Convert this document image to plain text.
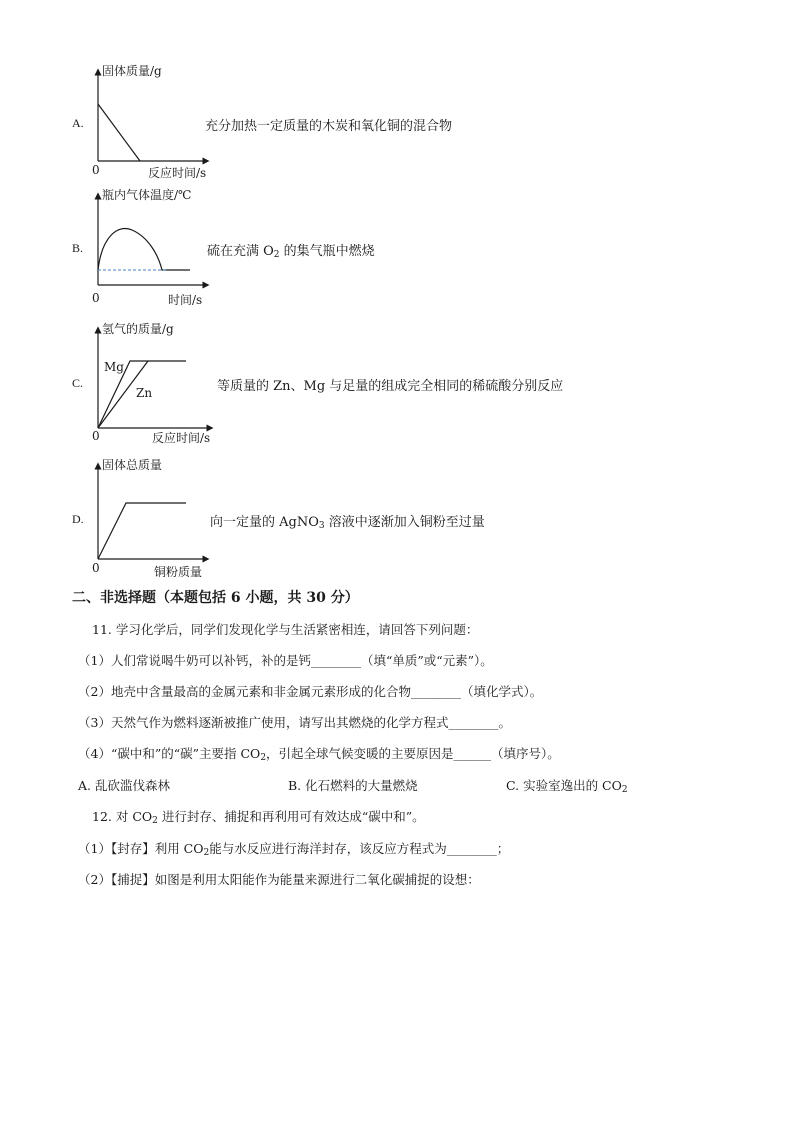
A.
固体质量/g
反应时间/s
0
充分加热一定质量的木炭和氧化铜的混合物
B.
瓶内气体温度/℃
时间/s
0
硫在充满 $O_2$ 的集气瓶中燃烧
C.
Mg
Zn
氢气的质量/g
反应时间/s
0
等质量的 Zn、Mg 与足量的组成完全相同的稀硫酸分别反应
D.
固体总质量
铜粉质量
0
向一定量的 AgNO$_3$ 溶液中逐渐加入铜粉至过量
二、非选择题（本题包括 6 小题，共 30 分）
11. 学习化学后，同学们发现化学与生活紧密相连，请回答下列问题：
（1）人们常说喝牛奶可以补钙，补的是钙________（填“单质”或“元素”）。
（2）地壳中含量最高的金属元素和非金属元素形成的化合物________（填化学式）。
（3）天然气作为燃料逐渐被推广使用，请写出其燃烧的化学方程式________。
（4）“碳中和”的“碳”主要指 $CO_2$，引起全球气候变暖的主要原因是______（填序号）。
A. 乱砍滥伐森林	B. 化石燃料的大量燃烧	C. 实验室逸出的 $CO_2$
12. 对 $CO_2$ 进行封存、捕捉和再利用可有效达成“碳中和”。
（1）【封存】利用 $CO_2$能与水反应进行海洋封存，该反应方程式为________；
（2）【捕捉】如图是利用太阳能作为能量来源进行二氧化碳捕捉的设想：
